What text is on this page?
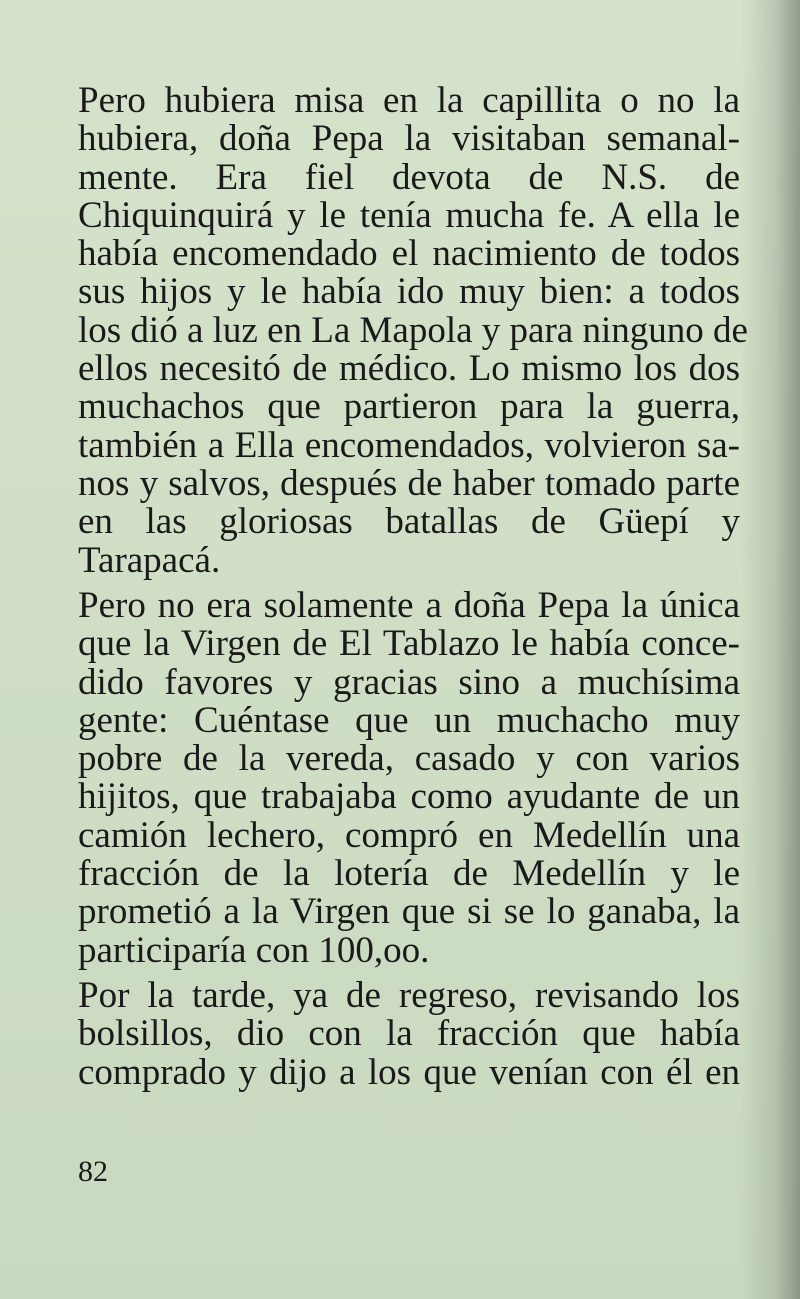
Pero hubiera misa en la capillita o no la
hubiera, doña Pepa la visitaban semanal-
mente. Era fiel devota de N.S. de
Chiquinquirá y le tenía mucha fe. A ella le
había encomendado el nacimiento de todos
sus hijos y le había ido muy bien: a todos
los dió a luz en La Mapola y para ninguno de
ellos necesitó de médico. Lo mismo los dos
muchachos que partieron para la guerra,
también a Ella encomendados, volvieron sa-
nos y salvos, después de haber tomado parte
en las gloriosas batallas de Güepí y
Tarapacá.
Pero no era solamente a doña Pepa la única
que la Virgen de El Tablazo le había conce-
dido favores y gracias sino a muchísima
gente: Cuéntase que un muchacho muy
pobre de la vereda, casado y con varios
hijitos, que trabajaba como ayudante de un
camión lechero, compró en Medellín una
fracción de la lotería de Medellín y le
prometió a la Virgen que si se lo ganaba, la
participaría con 100,oo.
Por la tarde, ya de regreso, revisando los
bolsillos, dio con la fracción que había
comprado y dijo a los que venían con él en
82
